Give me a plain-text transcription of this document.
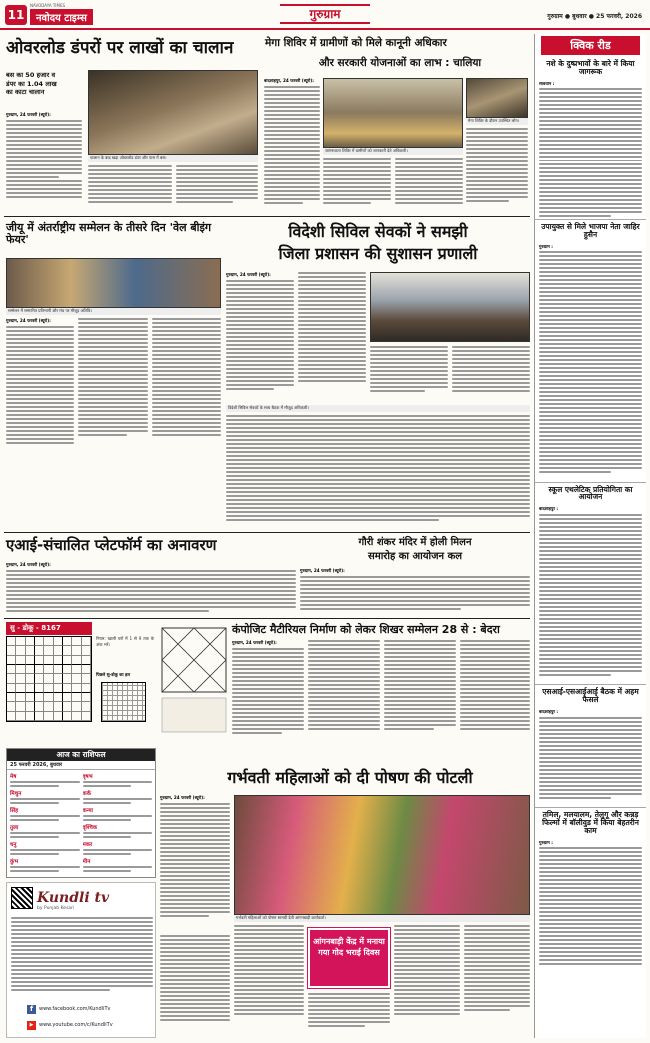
11
NAVODAYA TIMES
नवोदय टाइम्स	गुरुग्राम	गुरुग्राम ● बुधवार ● 25 फरवरी, 2026
ओवरलोड डंपरों पर लाखों का चालान
बस का 50 हजार व
डंपर का 1.04 लाख
का काटा चालान
गुरुग्राम, 24 फरवरी (ब्यूरो):
चालान के बाद खड़ा ओवरलोड डंपर और पास में बस।
मेगा शिविर में ग्रामीणों को मिले कानूनी अधिकार
और सरकारी योजनाओं का लाभ : चालिया
बादशाहपुर, 24 फरवरी (ब्यूरो):
जागरूकता शिविर में ग्रामीणों को जानकारी देते अधिकारी।
मेगा शिविर के दौरान उपस्थित लोग।
क्विक रीड
नशे के दुष्प्रभावों के बारे में किया जागरूक
सावधान :
उपायुक्त से मिले भाजपा नेता जाहिर हुसैन
गुरुग्राम :
स्कूल एथलेटिक प्रतियोगिता का आयोजन
बादशाहपुर :
एसआई-एसआईआई बैठक में अहम फैसले
बादशाहपुर :
तमिल, मलयालम, तेलुगू और कन्नड़ फिल्मों में बॉलीवुड में किया बेहतरीन काम
गुरुग्राम :
जीयू में अंतर्राष्ट्रीय सम्मेलन के तीसरे दिन 'वेल बीइंग फेयर'
सम्मेलन में सम्मानित प्रतिभागी और मंच पर मौजूद अतिथि।
गुरुग्राम, 24 फरवरी (ब्यूरो):
विदेशी सिविल सेवकों ने समझी
जिला प्रशासन की सुशासन प्रणाली
गुरुग्राम, 24 फरवरी (ब्यूरो):
विदेशी सिविल सेवकों के साथ बैठक में मौजूद अधिकारी।
एआई-संचालित प्लेटफॉर्म का अनावरण
गुरुग्राम, 24 फरवरी (ब्यूरो):
गौरी शंकर मंदिर में होली मिलन
समारोह का आयोजन कल
गुरुग्राम, 24 फरवरी (ब्यूरो):
सु - डोकू - 8167
नियम: खाली घरों में 1 से 9 तक के अंक भरें।
पिछले सु-डोकू का हल
कंपोजिट मैटीरियल निर्माण को लेकर शिखर सम्मेलन 28 से : बेदरा
गुरुग्राम, 24 फरवरी (ब्यूरो):
आज का राशिफल
25 फरवरी 2026, बुधवार
मेष	वृषभ
मिथुन	कर्क
सिंह	कन्या
तुला	वृश्चिक
धनु	मकर
कुंभ	मीन
गर्भवती महिलाओं को दी पोषण की पोटली
गुरुग्राम, 24 फरवरी (ब्यूरो):
गर्भवती महिलाओं को पोषण सामग्री देती आंगनबाड़ी कार्यकर्ता।
आंगनबाड़ी केंद्र में मनाया गया गोद भराई दिवस
Kundli tv
by Punjab Kesari
f	www.facebook.com/KundliTv
▶	www.youtube.com/c/KundliTv
